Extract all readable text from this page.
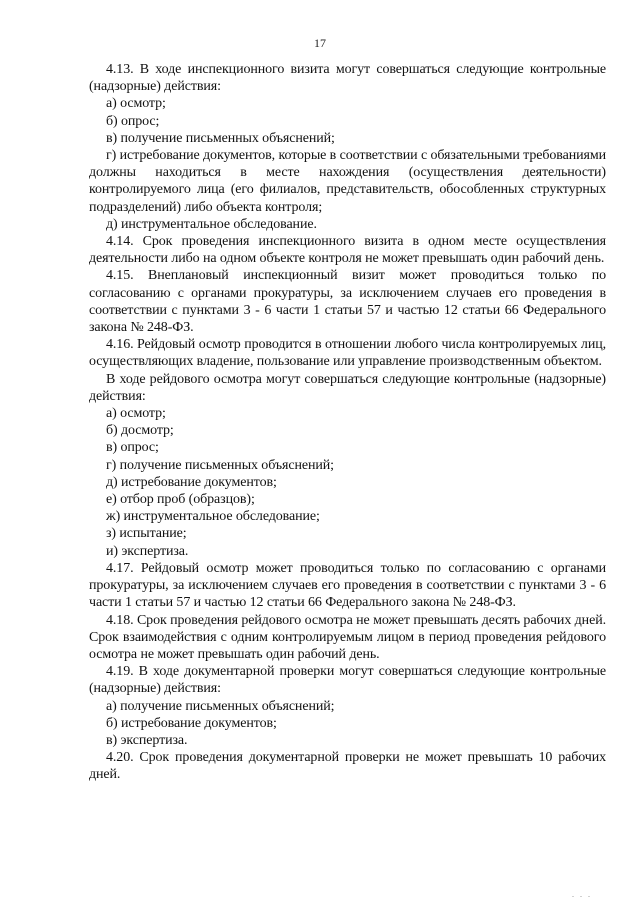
17

4.13. В ходе инспекционного визита могут совершаться следующие контрольные (надзорные) действия:

а) осмотр;

б) опрос;

в) получение письменных объяснений;

г) истребование документов, которые в соответствии с обязательными требованиями должны находиться в месте нахождения (осуществления деятельности) контролируемого лица (его филиалов, представительств, обособленных структурных подразделений) либо объекта контроля;

д) инструментальное обследование.

4.14. Срок проведения инспекционного визита в одном месте осуществления деятельности либо на одном объекте контроля не может превышать один рабочий день.

4.15. Внеплановый инспекционный визит может проводиться только по согласованию с органами прокуратуры, за исключением случаев его проведения в соответствии с пунктами 3 - 6 части 1 статьи 57 и частью 12 статьи 66 Федерального закона № 248-ФЗ.

4.16. Рейдовый осмотр проводится в отношении любого числа контролируемых лиц, осуществляющих владение, пользование или управление производственным объектом.

В ходе рейдового осмотра могут совершаться следующие контрольные (надзорные) действия:

а) осмотр;

б) досмотр;

в) опрос;

г) получение письменных объяснений;

д) истребование документов;

е) отбор проб (образцов);

ж) инструментальное обследование;

з) испытание;

и) экспертиза.

4.17. Рейдовый осмотр может проводиться только по согласованию с органами прокуратуры, за исключением случаев его проведения в соответствии с пунктами 3 - 6 части 1 статьи 57 и частью 12 статьи 66 Федерального закона № 248-ФЗ.

4.18. Срок проведения рейдового осмотра не может превышать десять рабочих дней. Срок взаимодействия с одним контролируемым лицом в период проведения рейдового осмотра не может превышать один рабочий день.

4.19. В ходе документарной проверки могут совершаться следующие контрольные (надзорные) действия:

а) получение письменных объяснений;

б) истребование документов;

в) экспертиза.

4.20. Срок проведения документарной проверки не может превышать 10 рабочих дней.

. . .
